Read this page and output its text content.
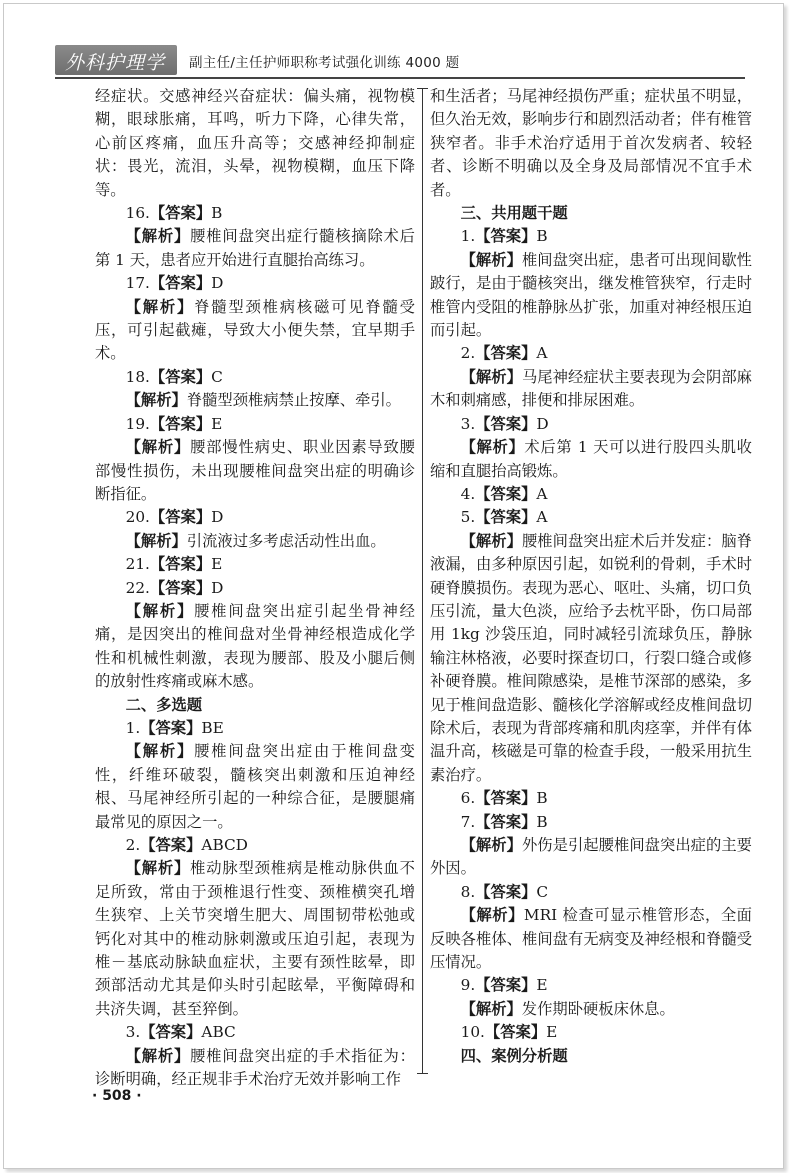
外科护理学 副主任/主任护师职称考试强化训练 4000 题

经症状。交感神经兴奋症状：偏头痛，视物模糊，眼球胀痛，耳鸣，听力下降，心律失常，心前区疼痛，血压升高等；交感神经抑制症状：畏光，流泪，头晕，视物模糊，血压下降等。

16.【答案】B

【解析】腰椎间盘突出症行髓核摘除术后第 1 天，患者应开始进行直腿抬高练习。

17.【答案】D

【解析】脊髓型颈椎病核磁可见脊髓受压，可引起截瘫，导致大小便失禁，宜早期手术。

18.【答案】C

【解析】脊髓型颈椎病禁止按摩、牵引。

19.【答案】E

【解析】腰部慢性病史、职业因素导致腰部慢性损伤，未出现腰椎间盘突出症的明确诊断指征。

20.【答案】D

【解析】引流液过多考虑活动性出血。

21.【答案】E

22.【答案】D

【解析】腰椎间盘突出症引起坐骨神经痛，是因突出的椎间盘对坐骨神经根造成化学性和机械性刺激，表现为腰部、股及小腿后侧的放射性疼痛或麻木感。

二、多选题

1.【答案】BE

【解析】腰椎间盘突出症由于椎间盘变性，纤维环破裂，髓核突出刺激和压迫神经根、马尾神经所引起的一种综合征，是腰腿痛最常见的原因之一。

2.【答案】ABCD

【解析】椎动脉型颈椎病是椎动脉供血不足所致，常由于颈椎退行性变、颈椎横突孔增生狭窄、上关节突增生肥大、周围韧带松弛或钙化对其中的椎动脉刺激或压迫引起，表现为椎－基底动脉缺血症状，主要有颈性眩晕，即颈部活动尤其是仰头时引起眩晕，平衡障碍和共济失调，甚至猝倒。

3.【答案】ABC

【解析】腰椎间盘突出症的手术指征为：诊断明确，经正规非手术治疗无效并影响工作

和生活者；马尾神经损伤严重；症状虽不明显，但久治无效，影响步行和剧烈活动者；伴有椎管狭窄者。非手术治疗适用于首次发病者、较轻者、诊断不明确以及全身及局部情况不宜手术者。

三、共用题干题

1.【答案】B

【解析】椎间盘突出症，患者可出现间歇性跛行，是由于髓核突出，继发椎管狭窄，行走时椎管内受阻的椎静脉丛扩张，加重对神经根压迫而引起。

2.【答案】A

【解析】马尾神经症状主要表现为会阴部麻木和刺痛感，排便和排尿困难。

3.【答案】D

【解析】术后第 1 天可以进行股四头肌收缩和直腿抬高锻炼。

4.【答案】A

5.【答案】A

【解析】腰椎间盘突出症术后并发症：脑脊液漏，由多种原因引起，如锐利的骨刺，手术时硬脊膜损伤。表现为恶心、呕吐、头痛，切口负压引流，量大色淡，应给予去枕平卧，伤口局部用 1kg 沙袋压迫，同时减轻引流球负压，静脉输注林格液，必要时探查切口，行裂口缝合或修补硬脊膜。椎间隙感染，是椎节深部的感染，多见于椎间盘造影、髓核化学溶解或经皮椎间盘切除术后，表现为背部疼痛和肌肉痉挛，并伴有体温升高，核磁是可靠的检查手段，一般采用抗生素治疗。

6.【答案】B

7.【答案】B

【解析】外伤是引起腰椎间盘突出症的主要外因。

8.【答案】C

【解析】MRI 检查可显示椎管形态，全面反映各椎体、椎间盘有无病变及神经根和脊髓受压情况。

9.【答案】E

【解析】发作期卧硬板床休息。

10.【答案】E

四、案例分析题

· 508 ·
